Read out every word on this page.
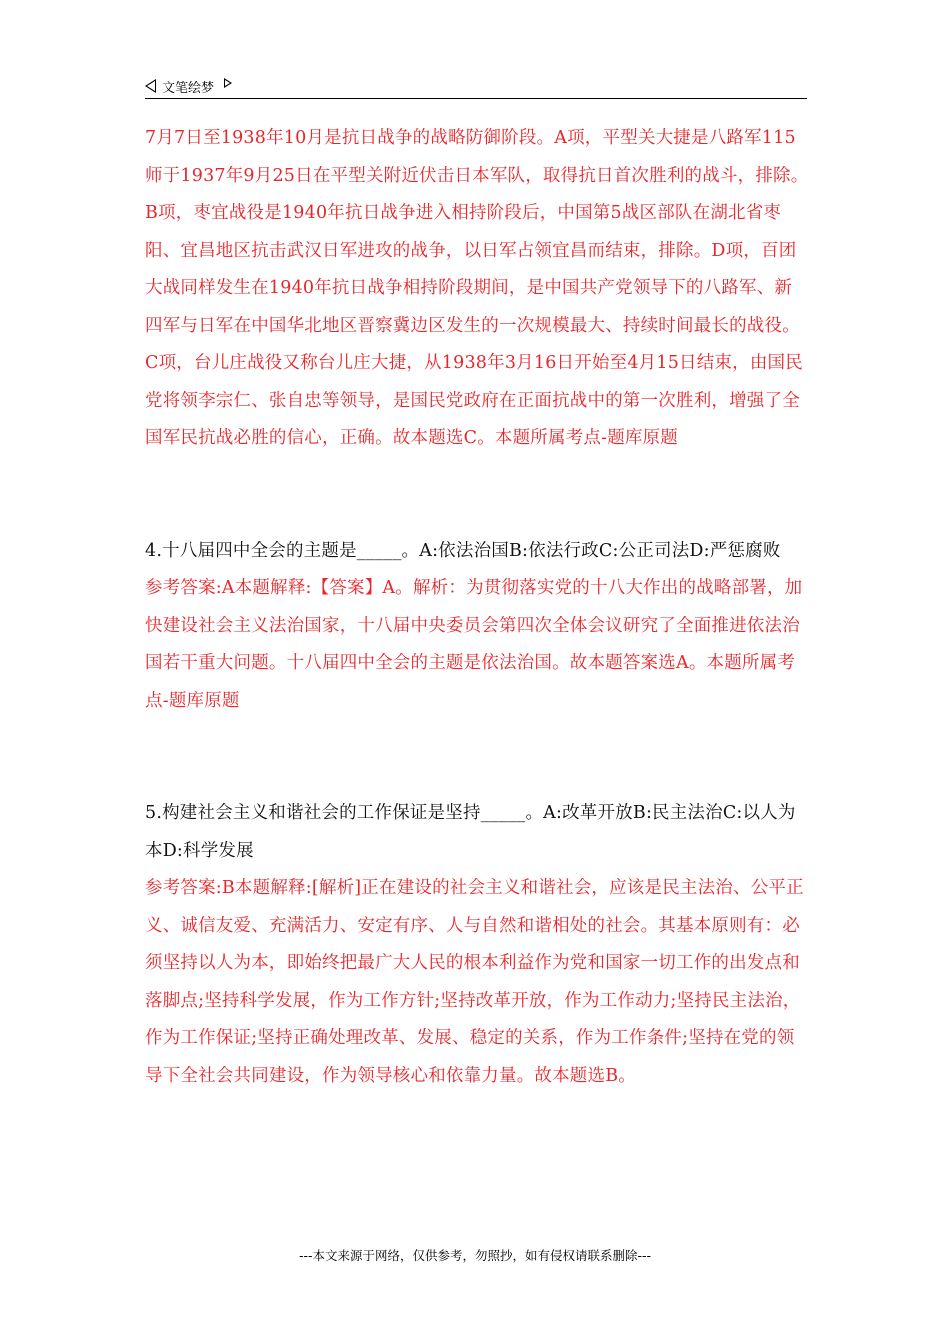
文笔绘梦

7月7日至1938年10月是抗日战争的战略防御阶段。A项，平型关大捷是八路军115师于1937年9月25日在平型关附近伏击日本军队，取得抗日首次胜利的战斗，排除。B项，枣宜战役是1940年抗日战争进入相持阶段后，中国第5战区部队在湖北省枣阳、宜昌地区抗击武汉日军进攻的战争，以日军占领宜昌而结束，排除。D项，百团大战同样发生在1940年抗日战争相持阶段期间，是中国共产党领导下的八路军、新四军与日军在中国华北地区晋察冀边区发生的一次规模最大、持续时间最长的战役。C项，台儿庄战役又称台儿庄大捷，从1938年3月16日开始至4月15日结束，由国民党将领李宗仁、张自忠等领导，是国民党政府在正面抗战中的第一次胜利，增强了全国军民抗战必胜的信心，正确。故本题选C。本题所属考点-题库原题

4.十八届四中全会的主题是_____。A:依法治国B:依法行政C:公正司法D:严惩腐败

参考答案:A本题解释:【答案】A。解析：为贯彻落实党的十八大作出的战略部署，加快建设社会主义法治国家，十八届中央委员会第四次全体会议研究了全面推进依法治国若干重大问题。十八届四中全会的主题是依法治国。故本题答案选A。本题所属考点-题库原题

5.构建社会主义和谐社会的工作保证是坚持_____。A:改革开放B:民主法治C:以人为本D:科学发展

参考答案:B本题解释:[解析]正在建设的社会主义和谐社会，应该是民主法治、公平正义、诚信友爱、充满活力、安定有序、人与自然和谐相处的社会。其基本原则有：必须坚持以人为本，即始终把最广大人民的根本利益作为党和国家一切工作的出发点和落脚点;坚持科学发展，作为工作方针;坚持改革开放，作为工作动力;坚持民主法治，作为工作保证;坚持正确处理改革、发展、稳定的关系，作为工作条件;坚持在党的领导下全社会共同建设，作为领导核心和依靠力量。故本题选B。

---本文来源于网络，仅供参考，勿照抄，如有侵权请联系删除---
